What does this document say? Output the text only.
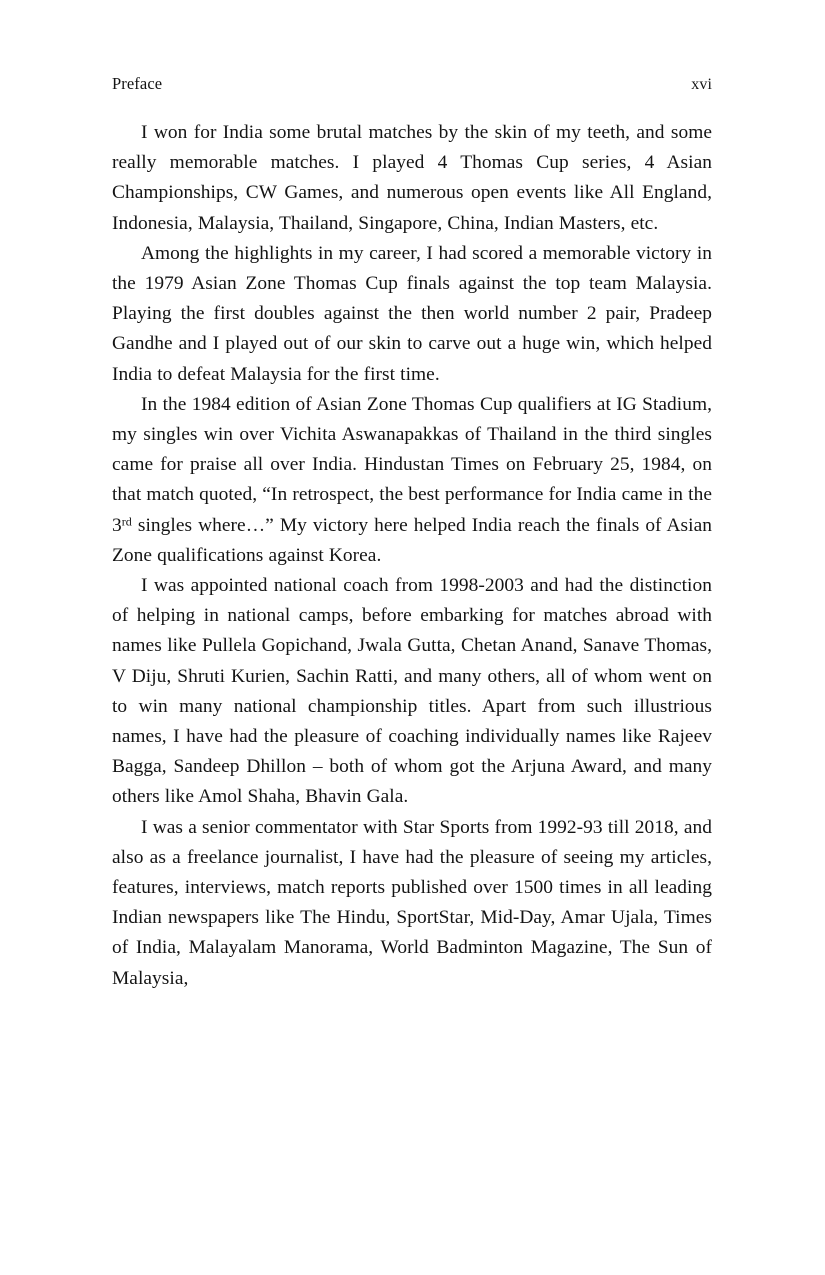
Preface	xvi

I won for India some brutal matches by the skin of my teeth, and some really memorable matches. I played 4 Thomas Cup series, 4 Asian Championships, CW Games, and numerous open events like All England, Indonesia, Malaysia, Thailand, Singapore, China, Indian Masters, etc.

Among the highlights in my career, I had scored a memorable victory in the 1979 Asian Zone Thomas Cup finals against the top team Malaysia. Playing the first doubles against the then world number 2 pair, Pradeep Gandhe and I played out of our skin to carve out a huge win, which helped India to defeat Malaysia for the first time.

In the 1984 edition of Asian Zone Thomas Cup qualifiers at IG Stadium, my singles win over Vichita Aswanapakkas of Thailand in the third singles came for praise all over India. Hindustan Times on February 25, 1984, on that match quoted, “In retrospect, the best performance for India came in the 3rd singles where…” My victory here helped India reach the finals of Asian Zone qualifications against Korea.

I was appointed national coach from 1998-2003 and had the distinction of helping in national camps, before embarking for matches abroad with names like Pullela Gopichand, Jwala Gutta, Chetan Anand, Sanave Thomas, V Diju, Shruti Kurien, Sachin Ratti, and many others, all of whom went on to win many national championship titles. Apart from such illustrious names, I have had the pleasure of coaching individually names like Rajeev Bagga, Sandeep Dhillon – both of whom got the Arjuna Award, and many others like Amol Shaha, Bhavin Gala.

I was a senior commentator with Star Sports from 1992-93 till 2018, and also as a freelance journalist, I have had the pleasure of seeing my articles, features, interviews, match reports published over 1500 times in all leading Indian newspapers like The Hindu, SportStar, Mid-Day, Amar Ujala, Times of India, Malayalam Manorama, World Badminton Magazine, The Sun of Malaysia,
